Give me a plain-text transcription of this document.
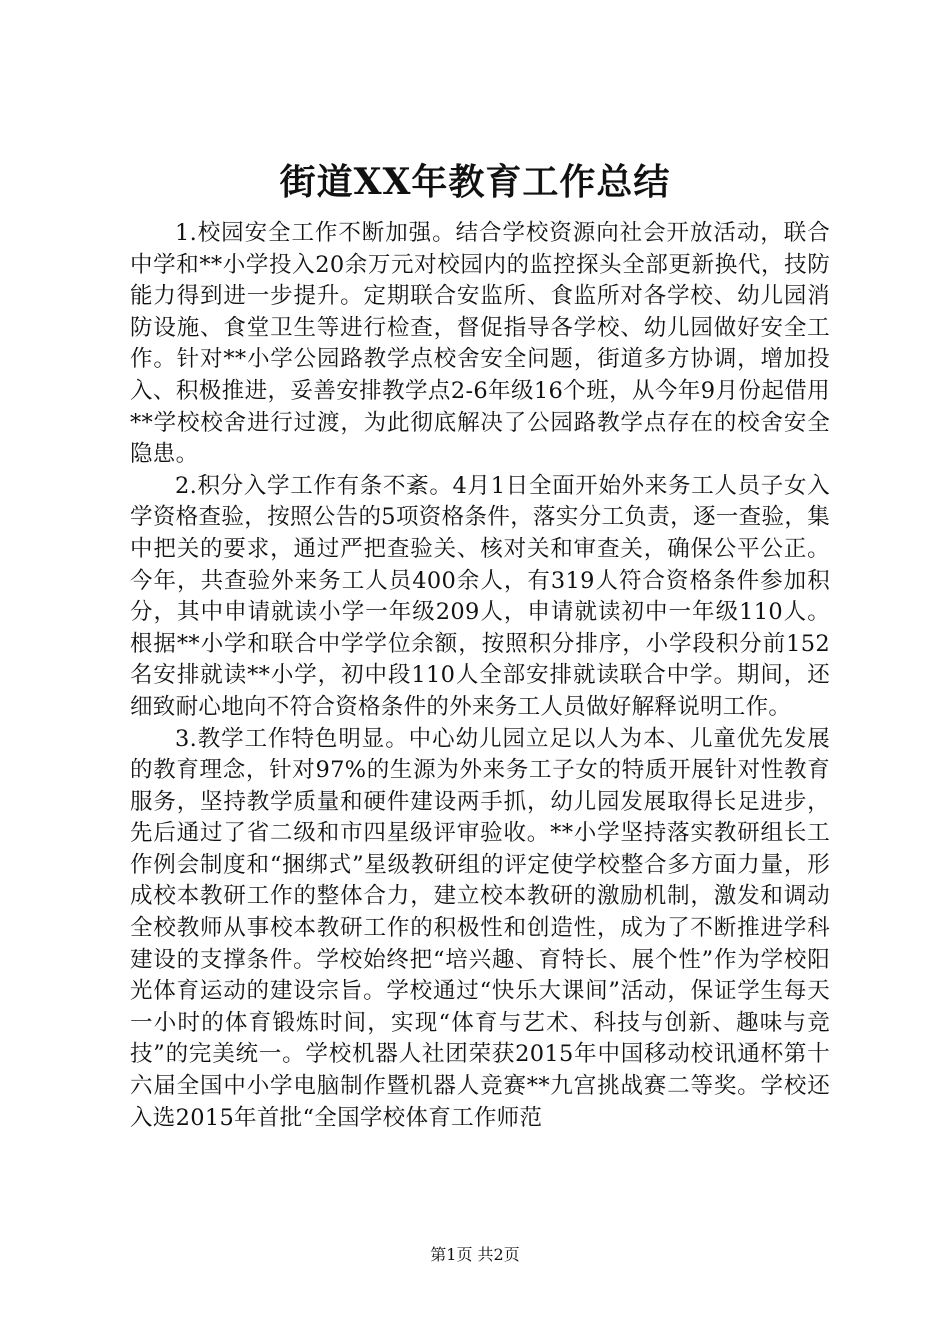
街道XX年教育工作总结

1.校园安全工作不断加强。结合学校资源向社会开放活动，联合中学和**小学投入20余万元对校园内的监控探头全部更新换代，技防能力得到进一步提升。定期联合安监所、食监所对各学校、幼儿园消防设施、食堂卫生等进行检查，督促指导各学校、幼儿园做好安全工作。针对**小学公园路教学点校舍安全问题，街道多方协调，增加投入、积极推进，妥善安排教学点2-6年级16个班，从今年9月份起借用**学校校舍进行过渡，为此彻底解决了公园路教学点存在的校舍安全隐患。

2.积分入学工作有条不紊。4月1日全面开始外来务工人员子女入学资格查验，按照公告的5项资格条件，落实分工负责，逐一查验，集中把关的要求，通过严把查验关、核对关和审查关，确保公平公正。今年，共查验外来务工人员400余人，有319人符合资格条件参加积分，其中申请就读小学一年级209人，申请就读初中一年级110人。根据**小学和联合中学学位余额，按照积分排序，小学段积分前152名安排就读**小学，初中段110人全部安排就读联合中学。期间，还细致耐心地向不符合资格条件的外来务工人员做好解释说明工作。

3.教学工作特色明显。中心幼儿园立足以人为本、儿童优先发展的教育理念，针对97%的生源为外来务工子女的特质开展针对性教育服务，坚持教学质量和硬件建设两手抓，幼儿园发展取得长足进步，先后通过了省二级和市四星级评审验收。**小学坚持落实教研组长工作例会制度和“捆绑式”星级教研组的评定使学校整合多方面力量，形成校本教研工作的整体合力，建立校本教研的激励机制，激发和调动全校教师从事校本教研工作的积极性和创造性，成为了不断推进学科建设的支撑条件。学校始终把“培兴趣、育特长、展个性”作为学校阳光体育运动的建设宗旨。学校通过“快乐大课间”活动，保证学生每天一小时的体育锻炼时间，实现“体育与艺术、科技与创新、趣味与竞技”的完美统一。学校机器人社团荣获2015年中国移动校讯通杯第十六届全国中小学电脑制作暨机器人竞赛**九宫挑战赛二等奖。学校还入选2015年首批“全国学校体育工作师范

第1页 共2页
